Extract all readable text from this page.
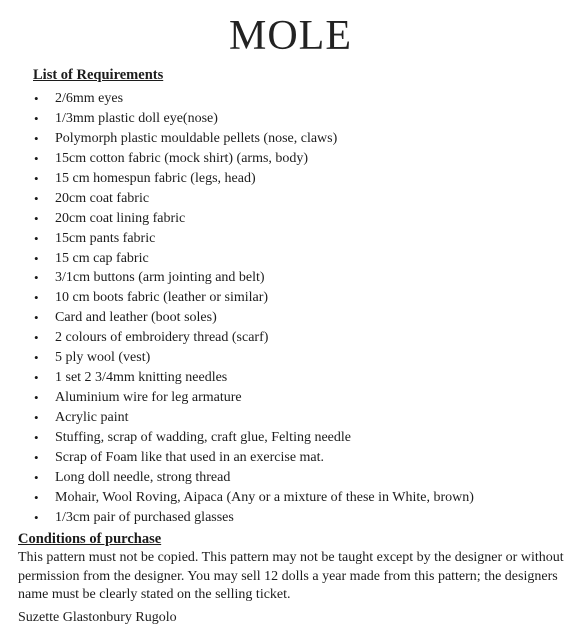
MOLE
List of Requirements
• 2/6mm eyes
• 1/3mm plastic doll eye(nose)
• Polymorph plastic mouldable pellets (nose, claws)
• 15cm cotton fabric (mock shirt) (arms, body)
• 15 cm homespun fabric (legs, head)
• 20cm coat fabric
• 20cm coat lining fabric
• 15cm pants fabric
• 15 cm cap fabric
• 3/1cm buttons (arm jointing and belt)
• 10 cm boots fabric (leather or similar)
• Card and leather (boot soles)
• 2 colours of embroidery thread (scarf)
• 5 ply wool (vest)
• 1 set 2 3/4mm knitting needles
• Aluminium wire for leg armature
• Acrylic paint
• Stuffing, scrap of wadding, craft glue, Felting needle
• Scrap of Foam like that used in an exercise mat.
• Long doll needle, strong thread
• Mohair, Wool Roving, Aipaca (Any or a mixture of these in White, brown)
• 1/3cm pair of purchased glasses
Conditions of purchase
This pattern must not be copied. This pattern may not be taught except by the designer or without permission from the designer. You may sell 12 dolls a year made from this pattern; the designers name must be clearly stated on the selling ticket.
Suzette Glastonbury Rugolo
